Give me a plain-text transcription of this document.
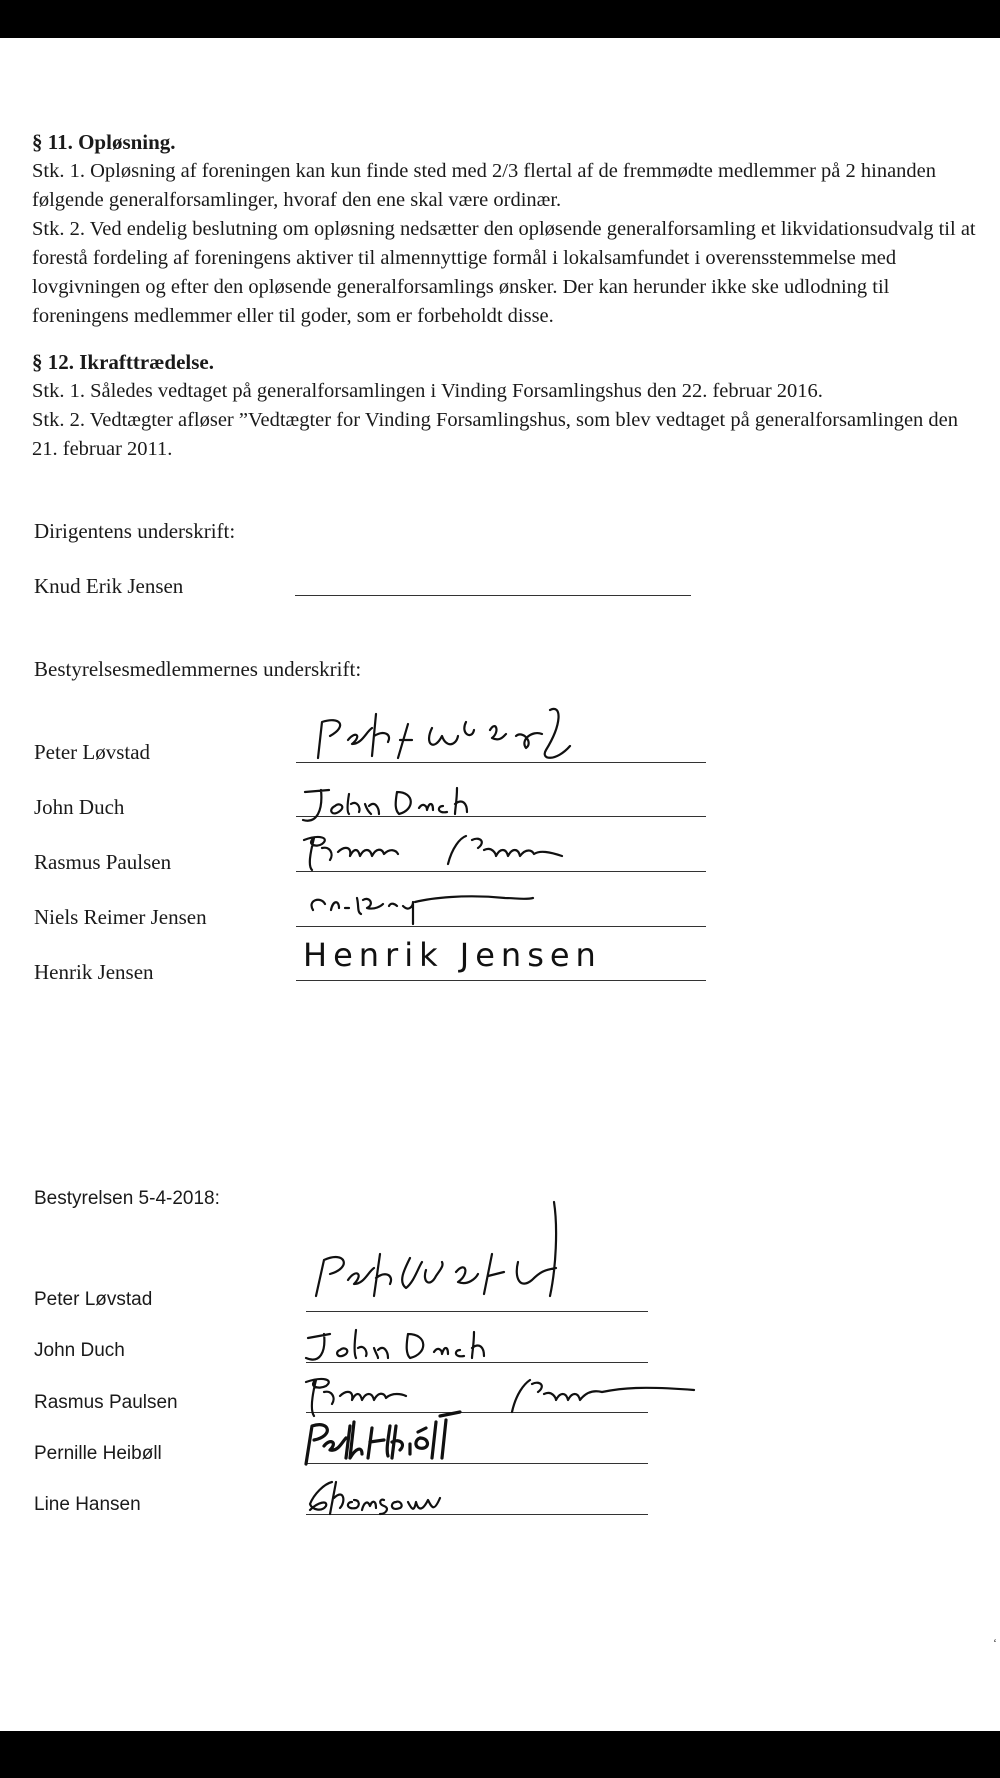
§ 11. Opløsning.

Stk. 1. Opløsning af foreningen kan kun finde sted med 2/3 flertal af de fremmødte medlemmer på 2 hinanden følgende generalforsamlinger, hvoraf den ene skal være ordinær.

Stk. 2. Ved endelig beslutning om opløsning nedsætter den opløsende generalforsamling et likvidationsudvalg til at forestå fordeling af foreningens aktiver til almennyttige formål i lokalsamfundet i overensstemmelse med lovgivningen og efter den opløsende generalforsamlings ønsker. Der kan herunder ikke ske udlodning til foreningens medlemmer eller til goder, som er forbeholdt disse.

§ 12. Ikrafttrædelse.

Stk. 1. Således vedtaget på generalforsamlingen i Vinding Forsamlingshus den 22. februar 2016.

Stk. 2. Vedtægter afløser ”Vedtægter for Vinding Forsamlingshus, som blev vedtaget på generalforsamlingen den 21. februar 2011.

Dirigentens underskrift:
Knud Erik Jensen
Bestyrelsesmedlemmernes underskrift:
Peter Løvstad
John Duch
Rasmus Paulsen
Niels Reimer Jensen
Henrik Jensen	Henrik Jensen
Bestyrelsen 5-4-2018:
Peter Løvstad
John Duch
Rasmus Paulsen
Pernille Heibøll
Line Hansen
‘
